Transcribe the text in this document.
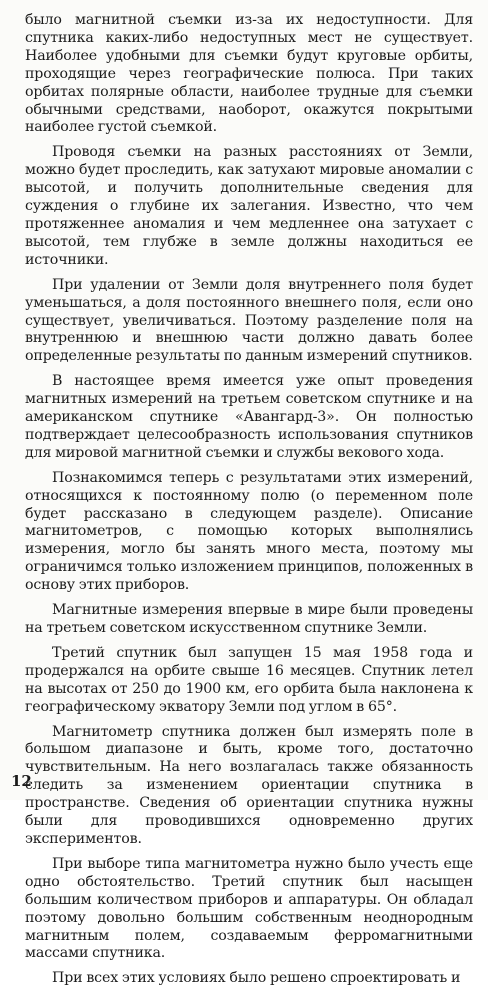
было магнитной съемки из-за их недоступности. Для спутника каких-либо недоступных мест не существует. Наиболее удобными для съемки будут круговые орбиты, проходящие через географические полюса. При таких орбитах полярные области, наиболее трудные для съемки обычными средствами, наоборот, окажутся покрытыми наиболее густой съемкой.

Проводя съемки на разных расстояниях от Земли, можно будет проследить, как затухают мировые аномалии с высотой, и получить дополнительные сведения для суждения о глубине их залегания. Известно, что чем протяженнее аномалия и чем медленнее она затухает с высотой, тем глубже в земле должны находиться ее источники.

При удалении от Земли доля внутреннего поля будет уменьшаться, а доля постоянного внешнего поля, если оно существует, увеличиваться. Поэтому разделение поля на внутреннюю и внешнюю части должно давать более определенные результаты по данным измерений спутников.

В настоящее время имеется уже опыт проведения магнитных измерений на третьем советском спутнике и на американском спутнике «Авангард-3». Он полностью подтверждает целесообразность использования спутников для мировой магнитной съемки и службы векового хода.

Познакомимся теперь с результатами этих измерений, относящихся к постоянному полю (о переменном поле будет рассказано в следующем разделе). Описание магнитометров, с помощью которых выполнялись измерения, могло бы занять много места, поэтому мы ограничимся только изложением принципов, положенных в основу этих приборов.

Магнитные измерения впервые в мире были проведены на третьем советском искусственном спутнике Земли.

Третий спутник был запущен 15 мая 1958 года и продержался на орбите свыше 16 месяцев. Спутник летел на высотах от 250 до 1900 км, его орбита была наклонена к географическому экватору Земли под углом в 65°.

Магнитометр спутника должен был измерять поле в большом диапазоне и быть, кроме того, достаточно чувствительным. На него возлагалась также обязанность следить за изменением ориентации спутника в пространстве. Сведения об ориентации спутника нужны были для проводившихся одновременно других экспериментов.

При выборе типа магнитометра нужно было учесть еще одно обстоятельство. Третий спутник был насыщен большим количеством приборов и аппаратуры. Он обладал поэтому довольно большим собственным неоднородным магнитным полем, создаваемым ферромагнитными массами спутника.

При всех этих условиях было решено спроектировать и

12
